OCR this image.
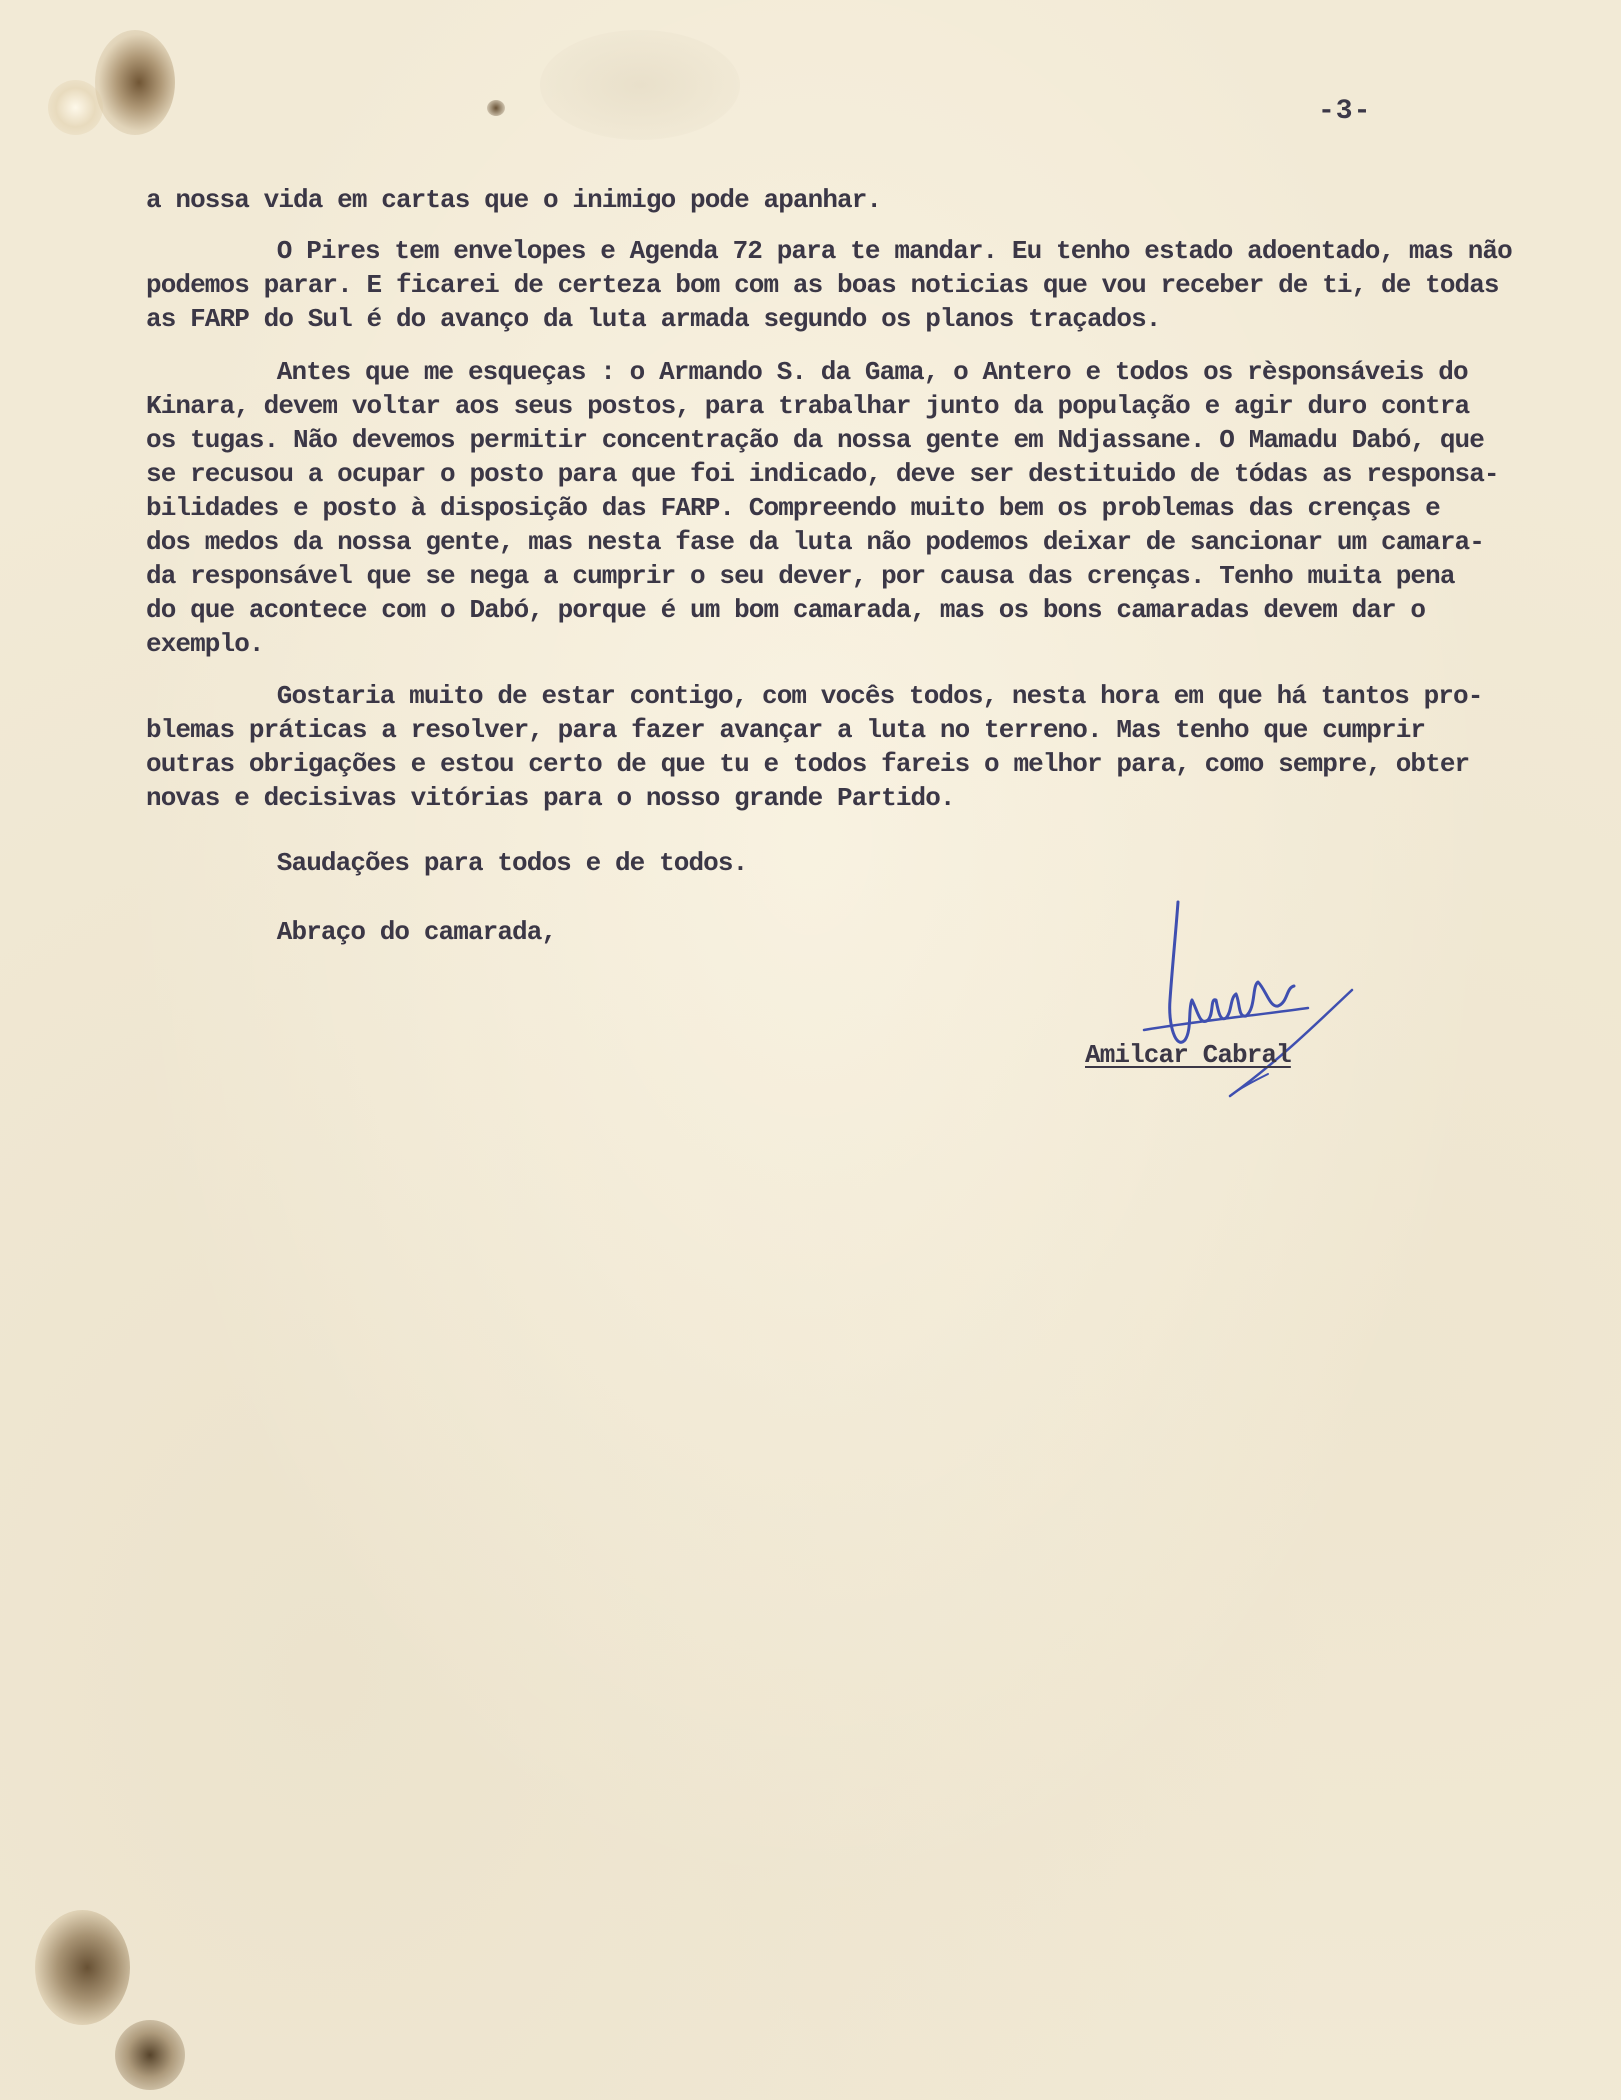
-3-
a nossa vida em cartas que o inimigo pode apanhar.
O Pires tem envelopes e Agenda 72 para te mandar. Eu tenho estado adoentado, mas não
podemos parar. E ficarei de certeza bom com as boas noticias que vou receber de ti, de todas
as FARP do Sul é do avanço da luta armada segundo os planos traçados.
Antes que me esqueças : o Armando S. da Gama, o Antero e todos os rèsponsáveis do
Kinara, devem voltar aos seus postos, para trabalhar junto da população e agir duro contra
os tugas. Não devemos permitir concentração da nossa gente em Ndjassane. O Mamadu Dabó, que
se recusou a ocupar o posto para que foi indicado, deve ser destituido de tódas as responsa-
bilidades e posto à disposição das FARP. Compreendo muito bem os problemas das crenças e
dos medos da nossa gente, mas nesta fase da luta não podemos deixar de sancionar um camara-
da responsável que se nega a cumprir o seu dever, por causa das crenças. Tenho muita pena
do que acontece com o Dabó, porque é um bom camarada, mas os bons camaradas devem dar o
exemplo.
Gostaria muito de estar contigo, com vocês todos, nesta hora em que há tantos pro-
blemas práticas a resolver, para fazer avançar a luta no terreno. Mas tenho que cumprir
outras obrigações e estou certo de que tu e todos fareis o melhor para, como sempre, obter
novas e decisivas vitórias para o nosso grande Partido.
Saudações para todos e de todos.
Abraço do camarada,
Amilcar Cabral
